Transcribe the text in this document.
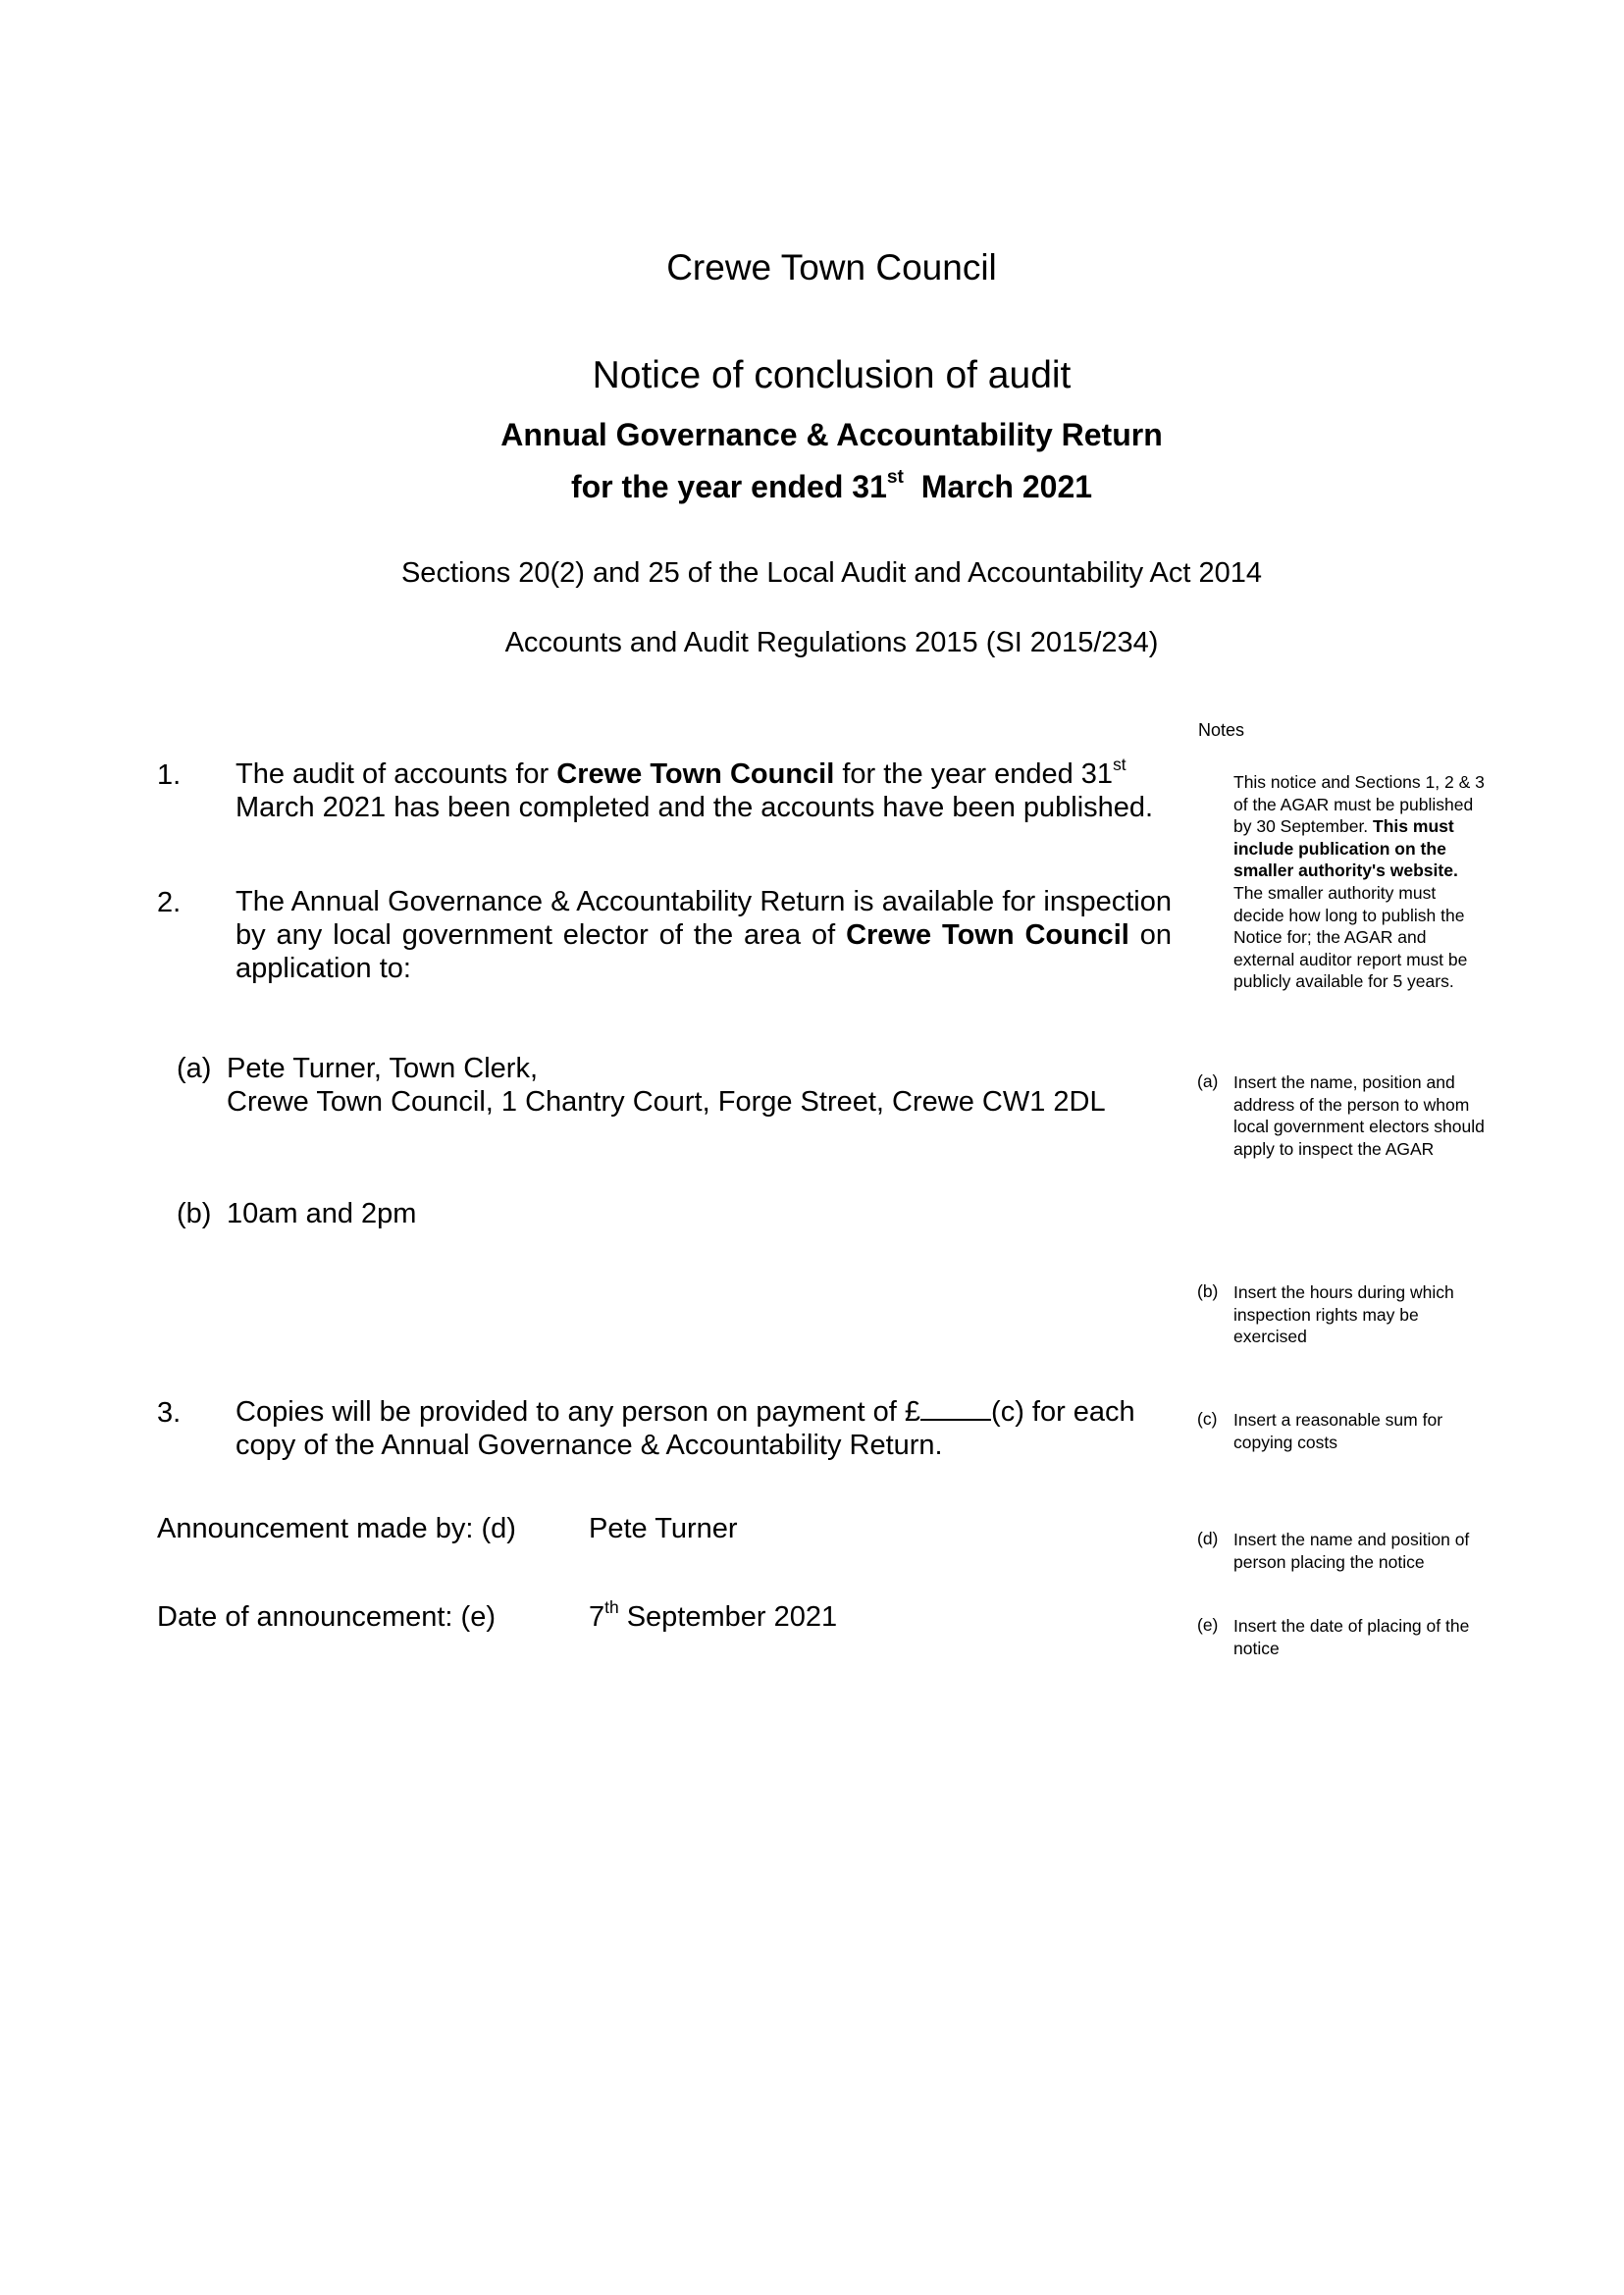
Crewe Town Council
Notice of conclusion of audit
Annual Governance & Accountability Return
for the year ended 31st  March 2021
Sections 20(2) and 25 of the Local Audit and Accountability Act 2014
Accounts and Audit Regulations 2015 (SI 2015/234)
Notes
1. The audit of accounts for Crewe Town Council for the year ended 31st
March 2021 has been completed and the accounts have been published.
This notice and Sections 1, 2 & 3
of the AGAR must be published
by 30 September. This must
include publication on the
smaller authority's website.
The smaller authority must
decide how long to publish the
Notice for; the AGAR and
external auditor report must be
publicly available for 5 years.
2. The Annual Governance & Accountability Return is available for inspection by any local government elector of the area of Crewe Town Council on application to:
(a) Pete Turner, Town Clerk,
Crewe Town Council, 1 Chantry Court, Forge Street, Crewe CW1 2DL
(a) Insert the name, position and
address of the person to whom
local government electors should
apply to inspect the AGAR
(b) 10am and 2pm
(b) Insert the hours during which
inspection rights may be
exercised
3. Copies will be provided to any person on payment of £ (c) for each
copy of the Annual Governance & Accountability Return.
(c) Insert a reasonable sum for
copying costs
Announcement made by: (d)	Pete Turner	(d) Insert the name and position of
person placing the notice
Date of announcement: (e)	7th September 2021	(e) Insert the date of placing of the
notice
